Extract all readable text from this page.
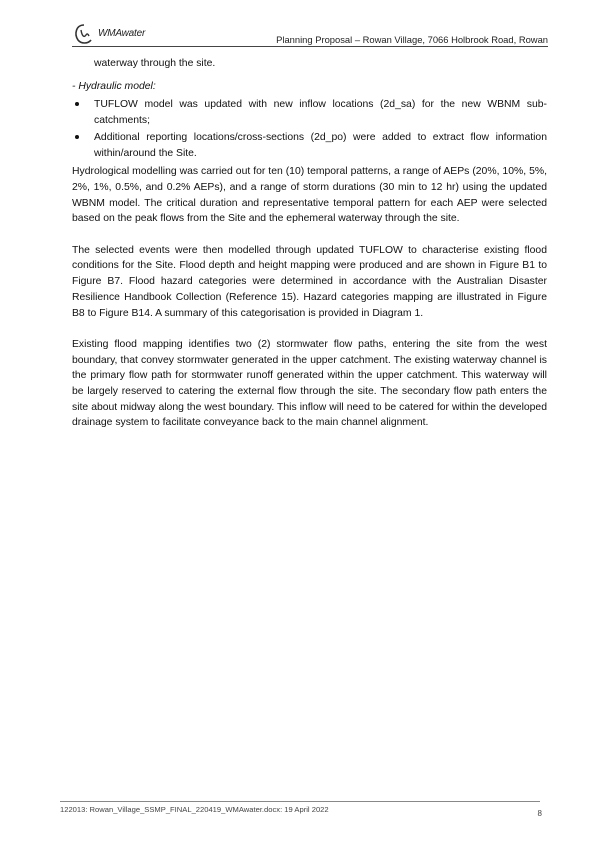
WMAwater
Planning Proposal – Rowan Village, 7066 Holbrook Road, Rowan

waterway through the site.

- Hydraulic model:

TUFLOW model was updated with new inflow locations (2d_sa) for the new WBNM sub-catchments;
Additional reporting locations/cross-sections (2d_po) were added to extract flow information within/around the Site.

Hydrological modelling was carried out for ten (10) temporal patterns, a range of AEPs (20%, 10%, 5%, 2%, 1%, 0.5%, and 0.2% AEPs), and a range of storm durations (30 min to 12 hr) using the updated WBNM model. The critical duration and representative temporal pattern for each AEP were selected based on the peak flows from the Site and the ephemeral waterway through the site.

The selected events were then modelled through updated TUFLOW to characterise existing flood conditions for the Site. Flood depth and height mapping were produced and are shown in Figure B1 to Figure B7. Flood hazard categories were determined in accordance with the Australian Disaster Resilience Handbook Collection (Reference 15). Hazard categories mapping are illustrated in Figure B8 to Figure B14. A summary of this categorisation is provided in Diagram 1.

Existing flood mapping identifies two (2) stormwater flow paths, entering the site from the west boundary, that convey stormwater generated in the upper catchment. The existing waterway channel is the primary flow path for stormwater runoff generated within the upper catchment. This waterway will be largely reserved to catering the external flow through the site. The secondary flow path enters the site about midway along the west boundary. This inflow will need to be catered for within the developed drainage system to facilitate conveyance back to the main channel alignment.

122013: Rowan_Village_SSMP_FINAL_220419_WMAwater.docx: 19 April 2022	8
